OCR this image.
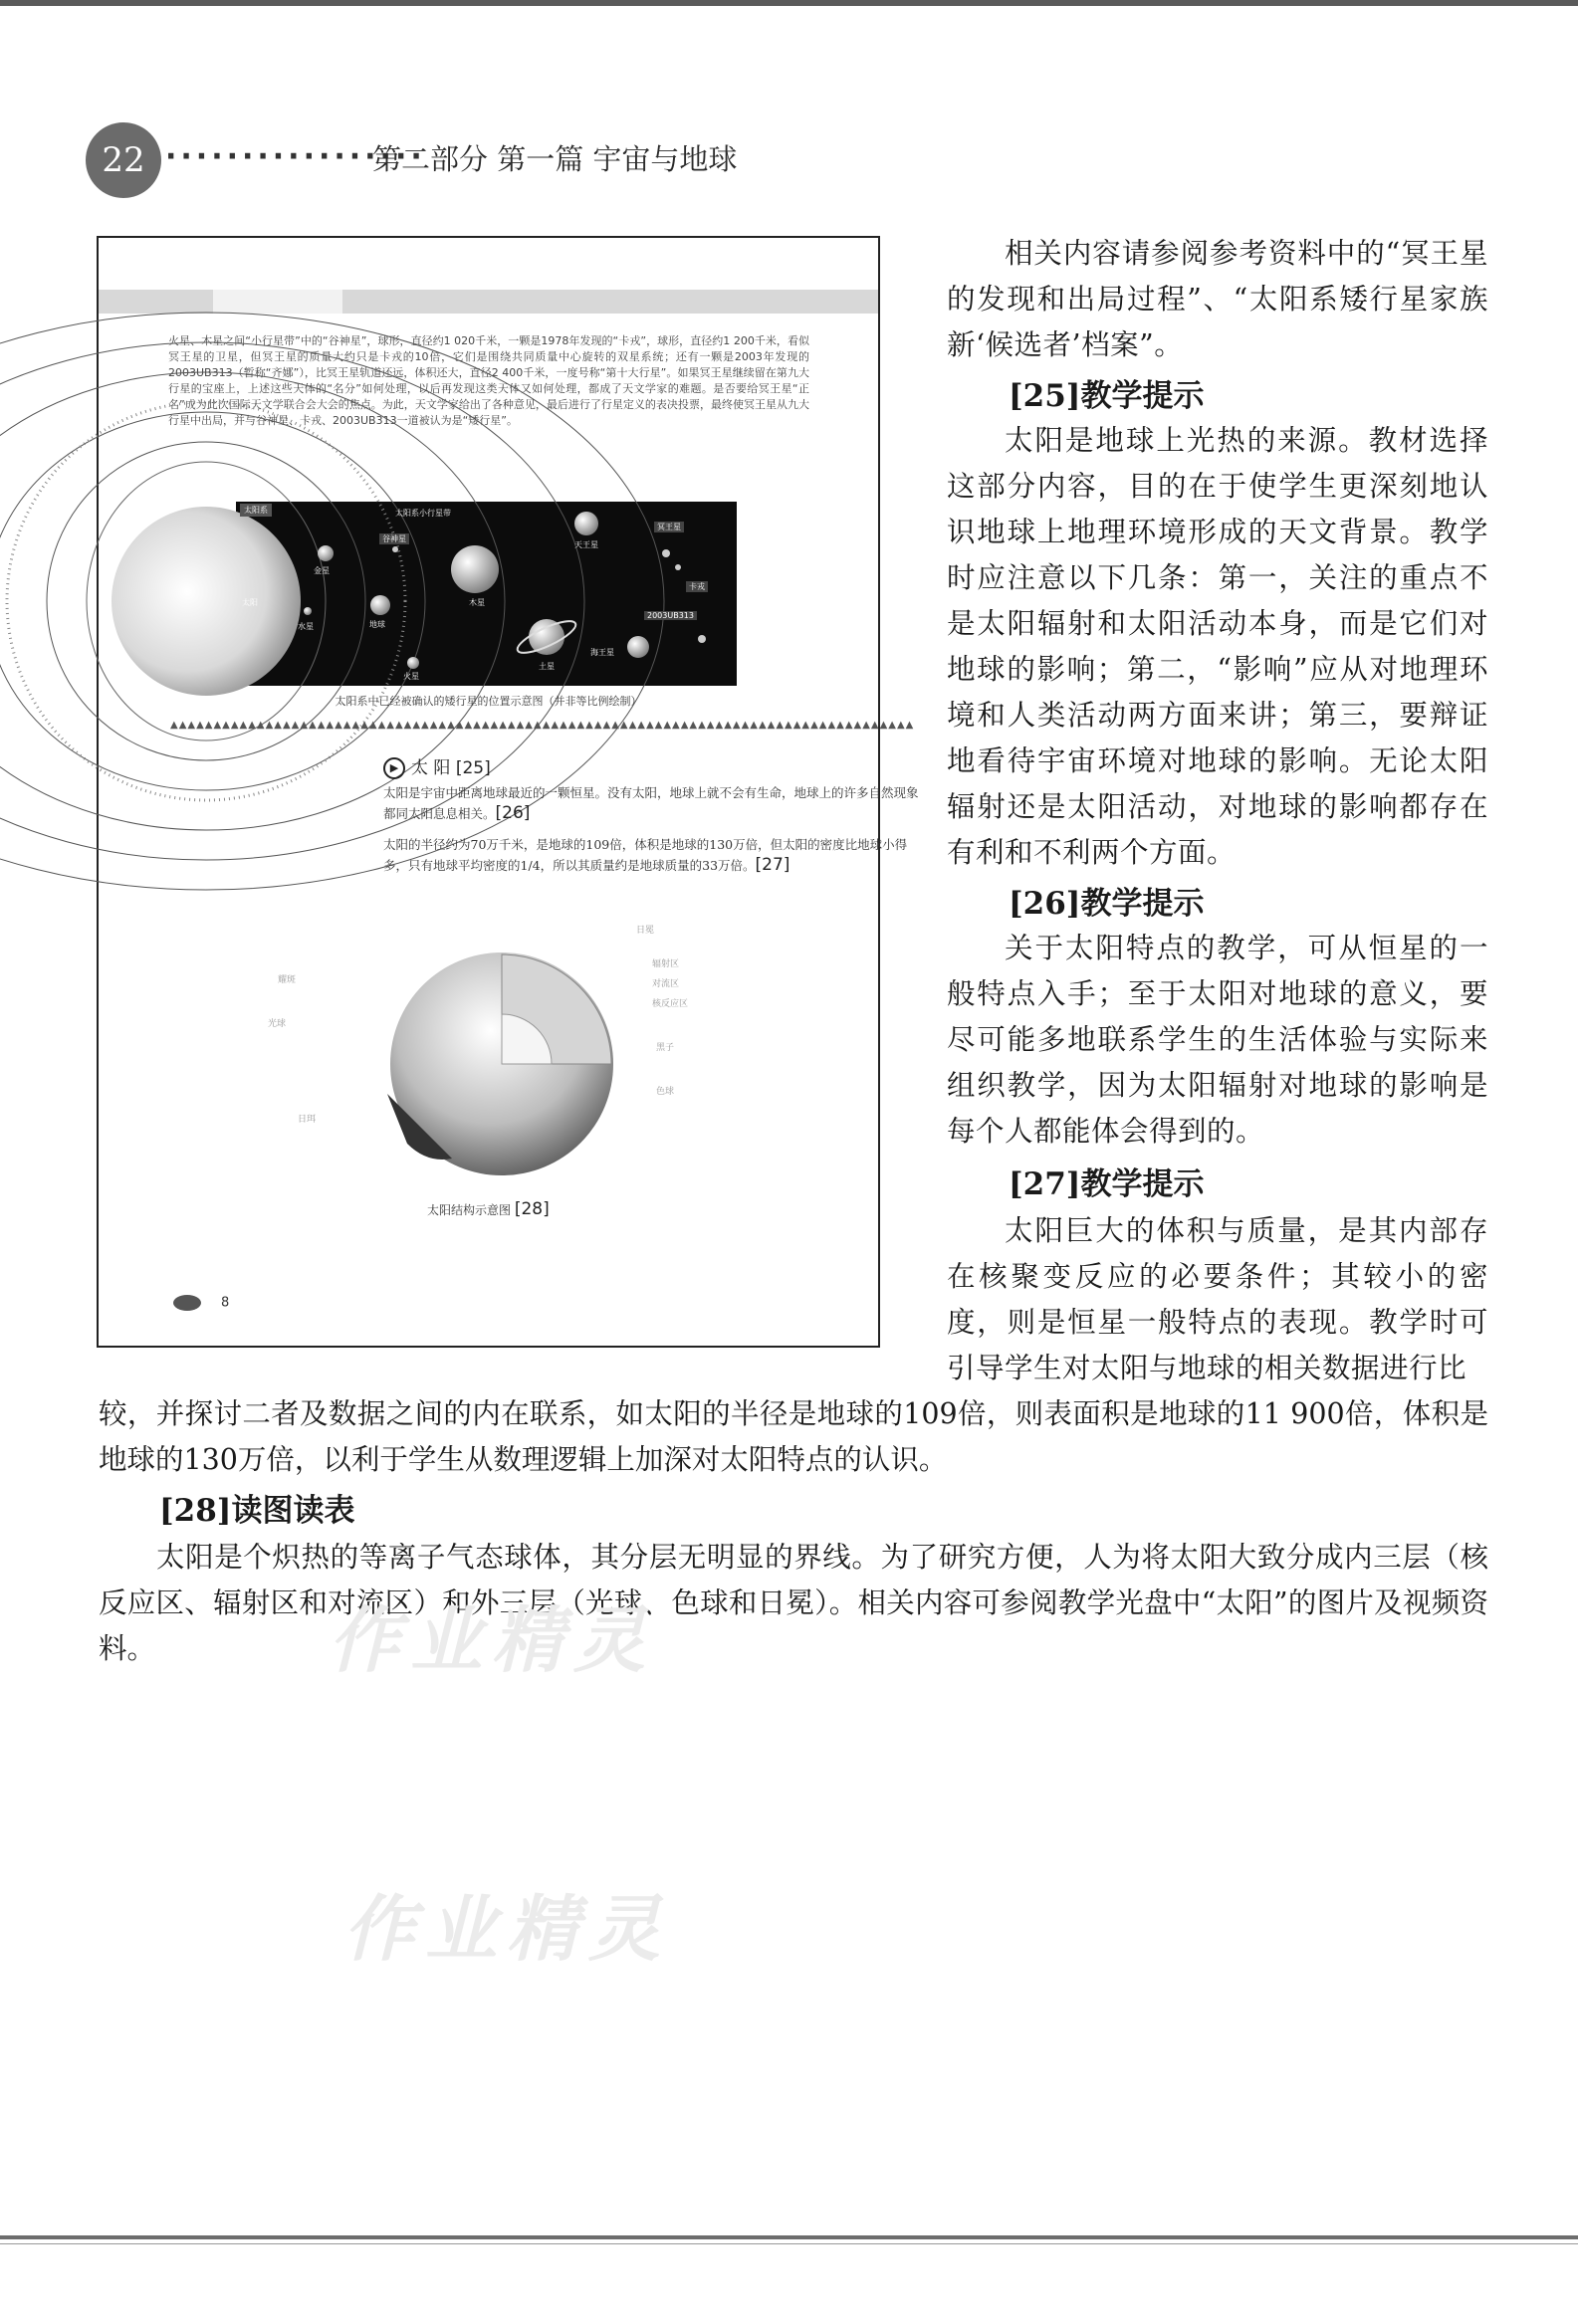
22 ·················
第二部分 第一篇 宇宙与地球
火星、木星之间“小行星带”中的“谷神星”，球形，直径约1 020千米，一颗是1978年发现的“卡戎”，球形，直径约1 200千米，看似冥王星的卫星，但冥王星的质量大约只是卡戎的10倍，它们是围绕共同质量中心旋转的双星系统；还有一颗是2003年发现的2003UB313（暂称“齐娜”），比冥王星轨道还远，体积还大，直径2 400千米，一度号称“第十大行星”。如果冥王星继续留在第九大行星的宝座上，上述这些天体的“名分”如何处理，以后再发现这类天体又如何处理，都成了天文学家的难题。是否要给冥王星“正名”成为此次国际天文学联合会大会的焦点。为此，天文学家给出了各种意见，最后进行了行星定义的表决投票，最终使冥王星从九大行星中出局，并与谷神星、卡戎、2003UB313一道被认为是“矮行星”。
太阳系	太阳系小行星带
金星
谷神星
太阳
水星	地球
火星
木星
土星
天王星
海王星
冥王星
卡戎
2003UB313
太阳系中已经被确认的矮行星的位置示意图（并非等比例绘制）
▲▲▲▲▲▲▲▲▲▲▲▲▲▲▲▲▲▲▲▲▲▲▲▲▲▲▲▲▲▲▲▲▲▲▲▲▲▲▲▲▲▲▲▲▲▲▲▲▲▲▲▲▲▲▲▲▲▲▲▲▲▲▲▲▲▲▲▲▲▲▲▲▲▲▲▲▲▲▲▲▲▲▲▲▲▲
▶ 太 阳 [25]
太阳是宇宙中距离地球最近的一颗恒星。没有太阳，地球上就不会有生命，地球上的许多自然现象都同太阳息息相关。[26]
太阳的半径约为70万千米，是地球的109倍，体积是地球的130万倍，但太阳的密度比地球小得多，只有地球平均密度的1/4，所以其质量约是地球质量的33万倍。[27]
耀斑
光球
日珥
日冕
辐射区
对流区
核反应区
黑子
色球
太阳结构示意图 [28]
8

相关内容请参阅参考资料中的“冥王星的发现和出局过程”、“太阳系矮行星家族新‘候选者’档案”。

[25]教学提示

太阳是地球上光热的来源。教材选择这部分内容，目的在于使学生更深刻地认识地球上地理环境形成的天文背景。教学时应注意以下几条：第一，关注的重点不是太阳辐射和太阳活动本身，而是它们对地球的影响；第二，“影响”应从对地理环境和人类活动两方面来讲；第三，要辩证地看待宇宙环境对地球的影响。无论太阳辐射还是太阳活动，对地球的影响都存在有利和不利两个方面。

[26]教学提示

关于太阳特点的教学，可从恒星的一般特点入手；至于太阳对地球的意义，要尽可能多地联系学生的生活体验与实际来组织教学，因为太阳辐射对地球的影响是每个人都能体会得到的。

[27]教学提示

太阳巨大的体积与质量，是其内部存在核聚变反应的必要条件；其较小的密度，则是恒星一般特点的表现。教学时可引导学生对太阳与地球的相关数据进行比

较，并探讨二者及数据之间的内在联系，如太阳的半径是地球的109倍，则表面积是地球的11 900倍，体积是地球的130万倍，以利于学生从数理逻辑上加深对太阳特点的认识。

[28]读图读表

太阳是个炽热的等离子气态球体，其分层无明显的界线。为了研究方便，人为将太阳大致分成内三层（核反应区、辐射区和对流区）和外三层（光球、色球和日冕）。相关内容可参阅教学光盘中“太阳”的图片及视频资料。	作业精灵
作业精灵
